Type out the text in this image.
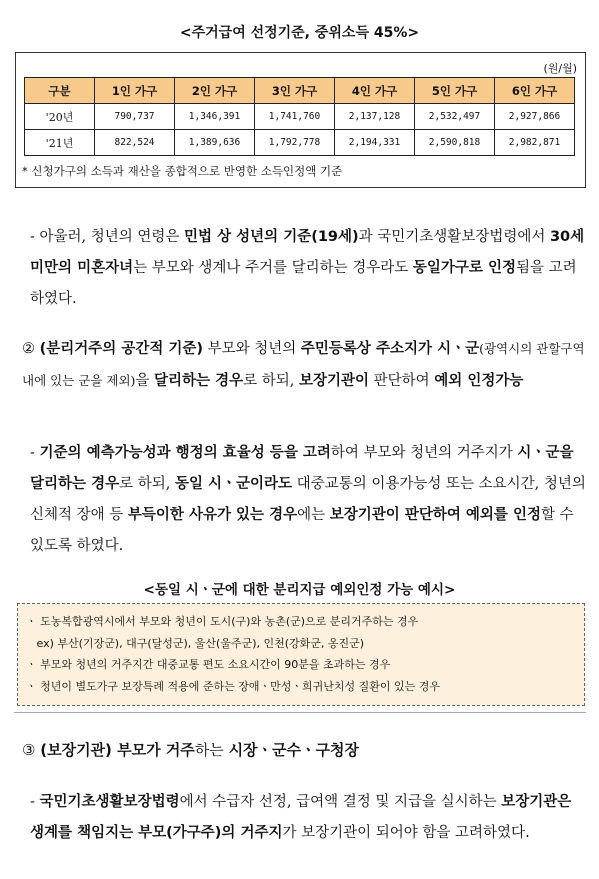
<주거급여 선정기준, 중위소득 45%>
(원/월)
구분	1인 가구	2인 가구	3인 가구	4인 가구	5인 가구	6인 가구
'20년	790,737	1,346,391	1,741,760	2,137,128	2,532,497	2,927,866
'21년	822,524	1,389,636	1,792,778	2,194,331	2,590,818	2,982,871
* 신청가구의 소득과 재산을 종합적으로 반영한 소득인정액 기준
- 아울러, 청년의 연령은 민법 상 성년의 기준(19세)과 국민기초생활보장법령에서 30세 미만의 미혼자녀는 부모와 생계나 주거를 달리하는 경우라도 동일가구로 인정됨을 고려하였다.
② (분리거주의 공간적 기준) 부모와 청년의 주민등록상 주소지가 시ㆍ군(광역시의 관할구역 내에 있는 군을 제외)을 달리하는 경우로 하되, 보장기관이 판단하여 예외 인정가능
- 기준의 예측가능성과 행정의 효율성 등을 고려하여 부모와 청년의 거주지가 시ㆍ군을 달리하는 경우로 하되, 동일 시ㆍ군이라도 대중교통의 이용가능성 또는 소요시간, 청년의 신체적 장애 등 부득이한 사유가 있는 경우에는 보장기관이 판단하여 예외를 인정할 수 있도록 하였다.
<동일 시ㆍ군에 대한 분리지급 예외인정 가능 예시>
ㆍ 도농복합광역시에서 부모와 청년이 도시(구)와 농촌(군)으로 분리거주하는 경우
ex) 부산(기장군), 대구(달성군), 울산(울주군), 인천(강화군, 옹진군)
ㆍ 부모와 청년의 거주지간 대중교통 편도 소요시간이 90분을 초과하는 경우
ㆍ 청년이 별도가구 보장특례 적용에 준하는 장애ㆍ만성ㆍ희귀난치성 질환이 있는 경우
③ (보장기관) 부모가 거주하는 시장ㆍ군수ㆍ구청장
- 국민기초생활보장법령에서 수급자 선정, 급여액 결정 및 지급을 실시하는 보장기관은 생계를 책임지는 부모(가구주)의 거주지가 보장기관이 되어야 함을 고려하였다.
